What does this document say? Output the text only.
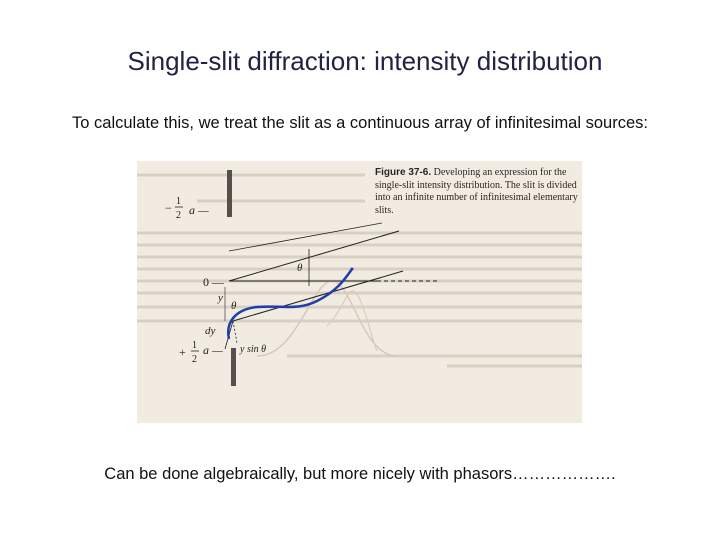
Single-slit diffraction: intensity distribution
To calculate this, we treat the slit as a continuous array of infinitesimal sources:
− 1
2 a —
+ 1
2
a —
0 —
θ
θ
y
dy
y sin θ
Figure 37-6. Developing an expression for the single-slit intensity distribution. The slit is divided into an infinite number of infinitesimal elementary slits.
Can be done algebraically, but more nicely with phasors……………….
